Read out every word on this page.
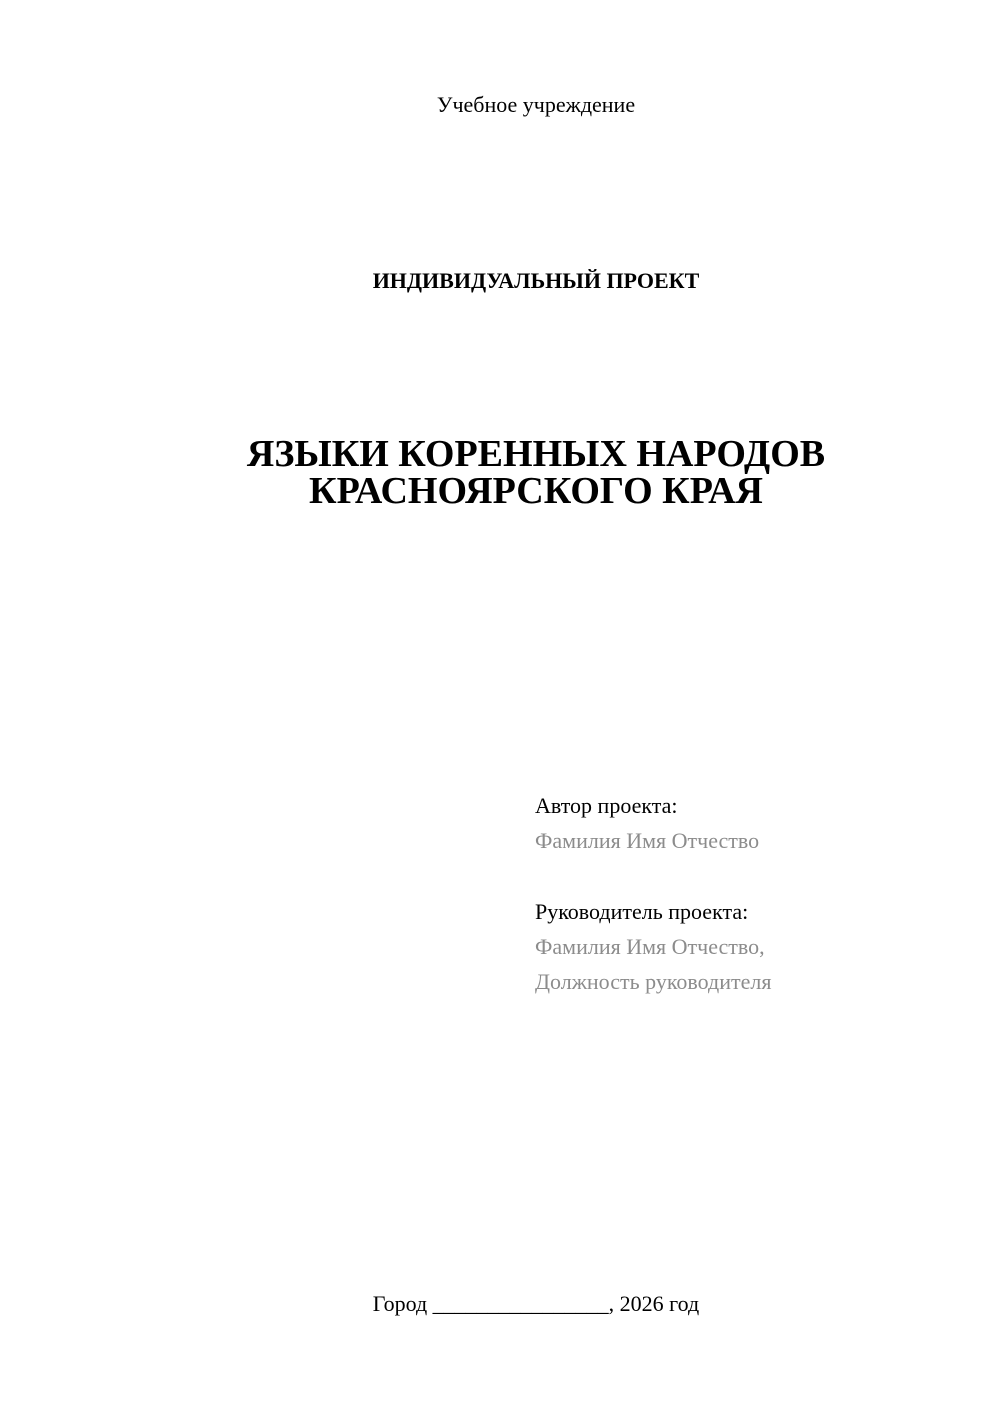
Учебное учреждение
ИНДИВИДУАЛЬНЫЙ ПРОЕКТ
ЯЗЫКИ КОРЕННЫХ НАРОДОВ
КРАСНОЯРСКОГО КРАЯ
Автор проекта:
Фамилия Имя Отчество
Руководитель проекта:
Фамилия Имя Отчество,
Должность руководителя
Город ________________, 2026 год
